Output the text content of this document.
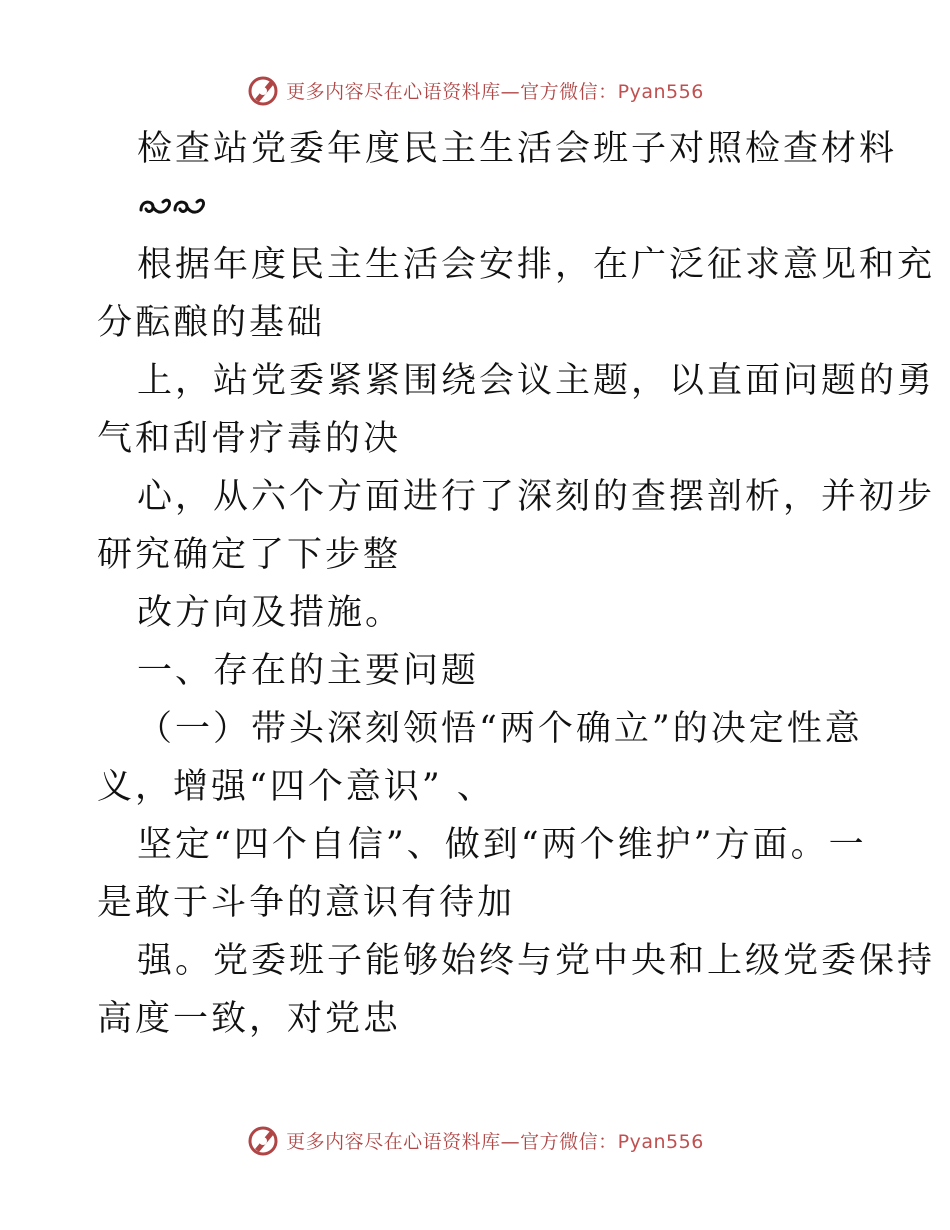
更多内容尽在心语资料库—官方微信：Pyan556
检查站党委年度民主生活会班子对照检查材料
根据年度民主生活会安排，在广泛征求意见和充
分酝酿的基础
上，站党委紧紧围绕会议主题，以直面问题的勇
气和刮骨疗毒的决
心，从六个方面进行了深刻的查摆剖析，并初步
研究确定了下步整
改方向及措施。
一、存在的主要问题
（一）带头深刻领悟“两个确立”的决定性意
义，增强“四个意识” 、
坚定“四个自信”、做到“两个维护”方面。一
是敢于斗争的意识有待加
强。党委班子能够始终与党中央和上级党委保持
高度一致，对党忠
更多内容尽在心语资料库—官方微信：Pyan556
